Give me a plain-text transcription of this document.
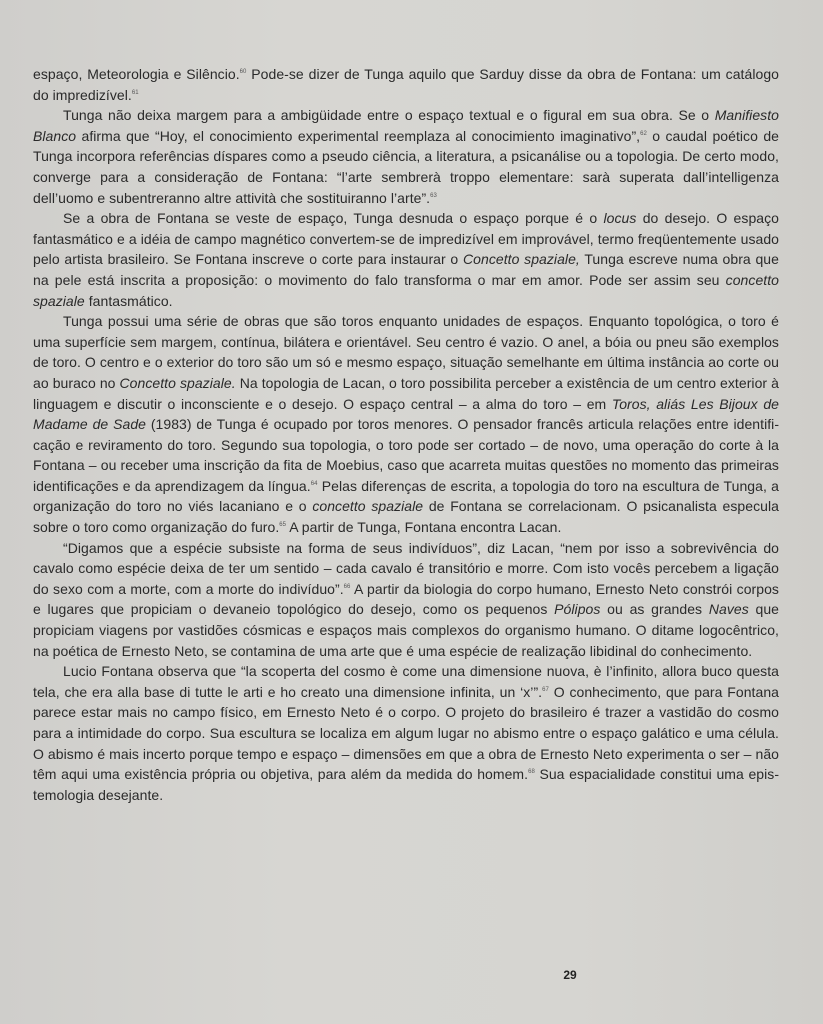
espaço, Meteorologia e Silêncio.$^{60}$ Pode-se dizer de Tunga aquilo que Sarduy disse da obra de Fontana: um catálogo do impredizível.$^{61}$

Tunga não deixa margem para a ambigüidade entre o espaço textual e o figural em sua obra. Se o Manifiesto Blanco afirma que “Hoy, el conocimiento experimental reemplaza al conocimiento imaginativo”,$^{62}$ o caudal poético de Tunga incorpora referências díspares como a pseudo ciência, a literatura, a psicanálise ou a topologia. De certo modo, converge para a consideração de Fontana: “l’arte sembrerà troppo elementare: sarà superata dall’intelligenza dell’uomo e subentreranno altre attività che sostituiranno l’arte”.$^{63}$

Se a obra de Fontana se veste de espaço, Tunga desnuda o espaço porque é o locus do desejo. O espaço fantasmático e a idéia de campo magnético convertem-se de impredizível em improvável, termo freqüentemente usado pelo artista brasileiro. Se Fontana inscreve o corte para instaurar o Concetto spaziale, Tunga escreve numa obra que na pele está inscrita a proposição: o movimento do falo transforma o mar em amor. Pode ser assim seu concetto spaziale fantasmático.

Tunga possui uma série de obras que são toros enquanto unidades de espaços. Enquanto topológica, o toro é uma superfície sem margem, contínua, bilátera e orientável. Seu centro é vazio. O anel, a bóia ou pneu são exemplos de toro. O centro e o exterior do toro são um só e mesmo espaço, situação semelhante em última instância ao corte ou ao buraco no Concetto spaziale. Na topologia de Lacan, o toro possibilita perceber a existência de um centro exterior à linguagem e discutir o inconsciente e o desejo. O espaço central – a alma do toro – em Toros, aliás Les Bijoux de Madame de Sade (1983) de Tunga é ocupado por toros menores. O pensador francês articula relações entre identificação e reviramento do toro. Segundo sua topologia, o toro pode ser cortado – de novo, uma operação do corte à la Fontana – ou receber uma inscrição da fita de Moebius, caso que acarreta muitas questões no momento das primeiras identificações e da aprendizagem da língua.$^{64}$ Pelas diferenças de escrita, a topologia do toro na escultura de Tunga, a organização do toro no viés lacaniano e o concetto spaziale de Fontana se correlacionam. O psicanalista especula sobre o toro como organização do furo.$^{65}$ A partir de Tunga, Fontana encontra Lacan.

“Digamos que a espécie subsiste na forma de seus indivíduos”, diz Lacan, “nem por isso a sobrevivência do cavalo como espécie deixa de ter um sentido – cada cavalo é transitório e morre. Com isto vocês percebem a ligação do sexo com a morte, com a morte do indivíduo”.$^{66}$ A partir da biologia do corpo humano, Ernesto Neto constrói corpos e lugares que propiciam o devaneio topológico do desejo, como os pequenos Pólipos ou as grandes Naves que propiciam viagens por vastidões cósmicas e espaços mais complexos do organismo humano. O ditame logocêntrico, na poética de Ernesto Neto, se contamina de uma arte que é uma espécie de realização libidinal do conhecimento.

Lucio Fontana observa que “la scoperta del cosmo è come una dimensione nuova, è l’infinito, allora buco questa tela, che era alla base di tutte le arti e ho creato una dimensione infinita, un ‘x’”.$^{67}$ O conhecimento, que para Fontana parece estar mais no campo físico, em Ernesto Neto é o corpo. O projeto do brasileiro é trazer a vastidão do cosmo para a intimidade do corpo. Sua escultura se localiza em algum lugar no abismo entre o espaço galático e uma célula. O abismo é mais incerto porque tempo e espaço – dimensões em que a obra de Ernesto Neto experimenta o ser – não têm aqui uma existência própria ou objetiva, para além da medida do homem.$^{68}$ Sua espacialidade constitui uma epistemologia desejante.

29
